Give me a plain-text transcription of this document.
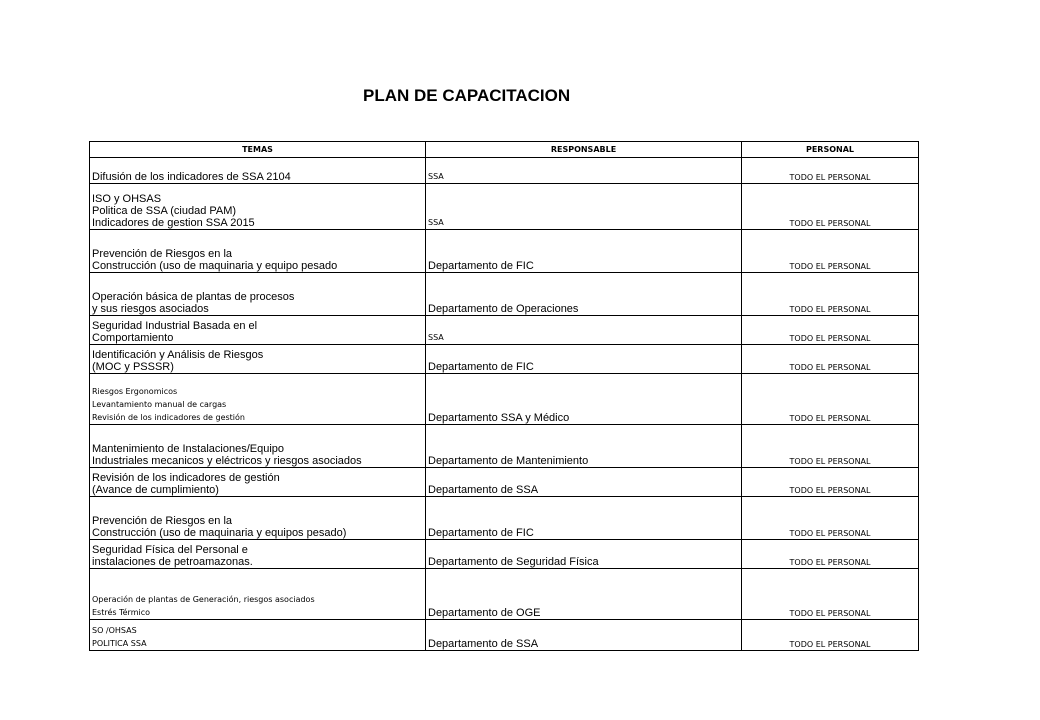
PLAN DE CAPACITACION
TEMAS	RESPONSABLE	PERSONAL

Difusión de los indicadores de SSA 2104	SSA	TODO EL PERSONAL

ISO y OHSAS
Politica de SSA (ciudad PAM)
Indicadores de gestion SSA 2015	SSA	TODO EL PERSONAL

Prevención de Riesgos en la
Construcción (uso de maquinaria y equipo pesado	Departamento de FIC	TODO EL PERSONAL

Operación básica de plantas de procesos
y sus riesgos asociados	Departamento de Operaciones	TODO EL PERSONAL

Seguridad Industrial Basada en el
Comportamiento	SSA	TODO EL PERSONAL

Identificación y Análisis de Riesgos
(MOC y PSSSR)	Departamento de FIC	TODO EL PERSONAL

Riesgos Ergonomicos
Levantamiento manual de cargas
Revisión de los indicadores de gestión	Departamento SSA y Médico	TODO EL PERSONAL

Mantenimiento de Instalaciones/Equipo
Industriales mecanicos y eléctricos y riesgos asociados	Departamento de Mantenimiento	TODO EL PERSONAL

Revisión de los indicadores de gestión
(Avance de cumplimiento)	Departamento de SSA	TODO EL PERSONAL

Prevención de Riesgos en la
Construcción (uso de maquinaria y equipos pesado)	Departamento de FIC	TODO EL PERSONAL

Seguridad Física del Personal e
instalaciones de petroamazonas.	Departamento de Seguridad Física	TODO EL PERSONAL

Operación de plantas de Generación, riesgos asociados
Estrés Térmico	Departamento de OGE	TODO EL PERSONAL

SO /OHSAS
POLITICA SSA	Departamento de SSA	TODO EL PERSONAL
